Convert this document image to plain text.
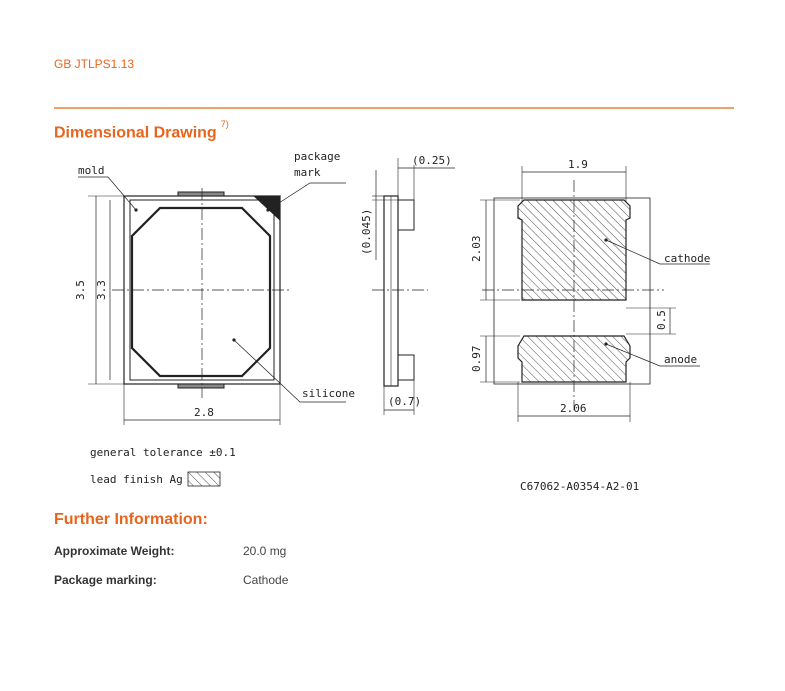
GB JTLPS1.13
Dimensional Drawing$^{7)}$
mold
package
mark
silicone
3.5 3.3
2.8
(0.25)
(0.045)
(0.7)
1.9
2.03
0.5
0.97
2.06
cathode
anode
general tolerance ±0.1
lead finish Ag
C67062-A0354-A2-01
Further Information:
Approximate Weight:	20.0 mg
Package marking:	Cathode
